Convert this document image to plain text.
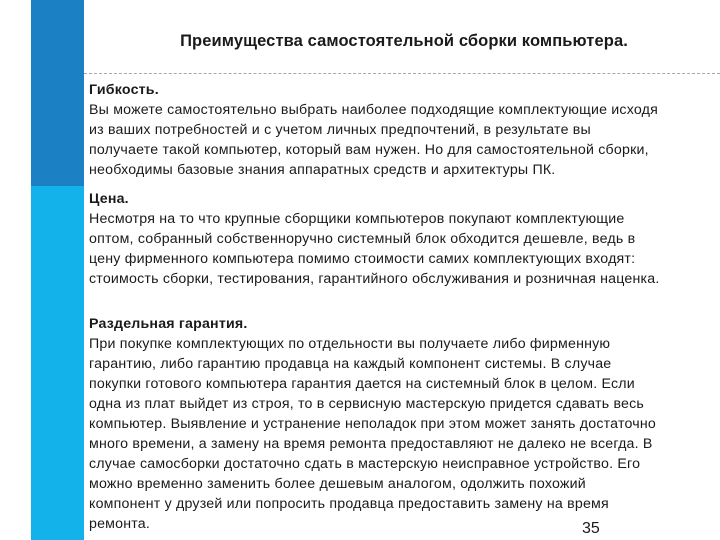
Преимущества самостоятельной сборки компьютера.

Гибкость.

Вы можете самостоятельно выбрать наиболее подходящие комплектующие исходя

из ваших потребностей и с учетом личных предпочтений, в результате вы

получаете такой компьютер, который вам нужен. Но для самостоятельной сборки,

необходимы базовые знания аппаратных средств и архитектуры ПК.

Цена.

Несмотря на то что крупные сборщики компьютеров покупают комплектующие

оптом, собранный собственноручно системный блок обходится дешевле, ведь в

цену фирменного компьютера помимо стоимости самих комплектующих входят:

стоимость сборки, тестирования, гарантийного обслуживания и розничная наценка.

Раздельная гарантия.

При покупке комплектующих по отдельности вы получаете либо фирменную

гарантию, либо гарантию продавца на каждый компонент системы. В случае

покупки готового компьютера гарантия дается на системный блок в целом. Если

одна из плат выйдет из строя, то в сервисную мастерскую придется сдавать весь

компьютер. Выявление и устранение неполадок при этом может занять достаточно

много времени, а замену на время ремонта предоставляют не далеко не всегда. В

случае самосборки достаточно сдать в мастерскую неисправное устройство. Его

можно временно заменить более дешевым аналогом, одолжить похожий

компонент у друзей или попросить продавца предоставить замену на время

ремонта.	35
